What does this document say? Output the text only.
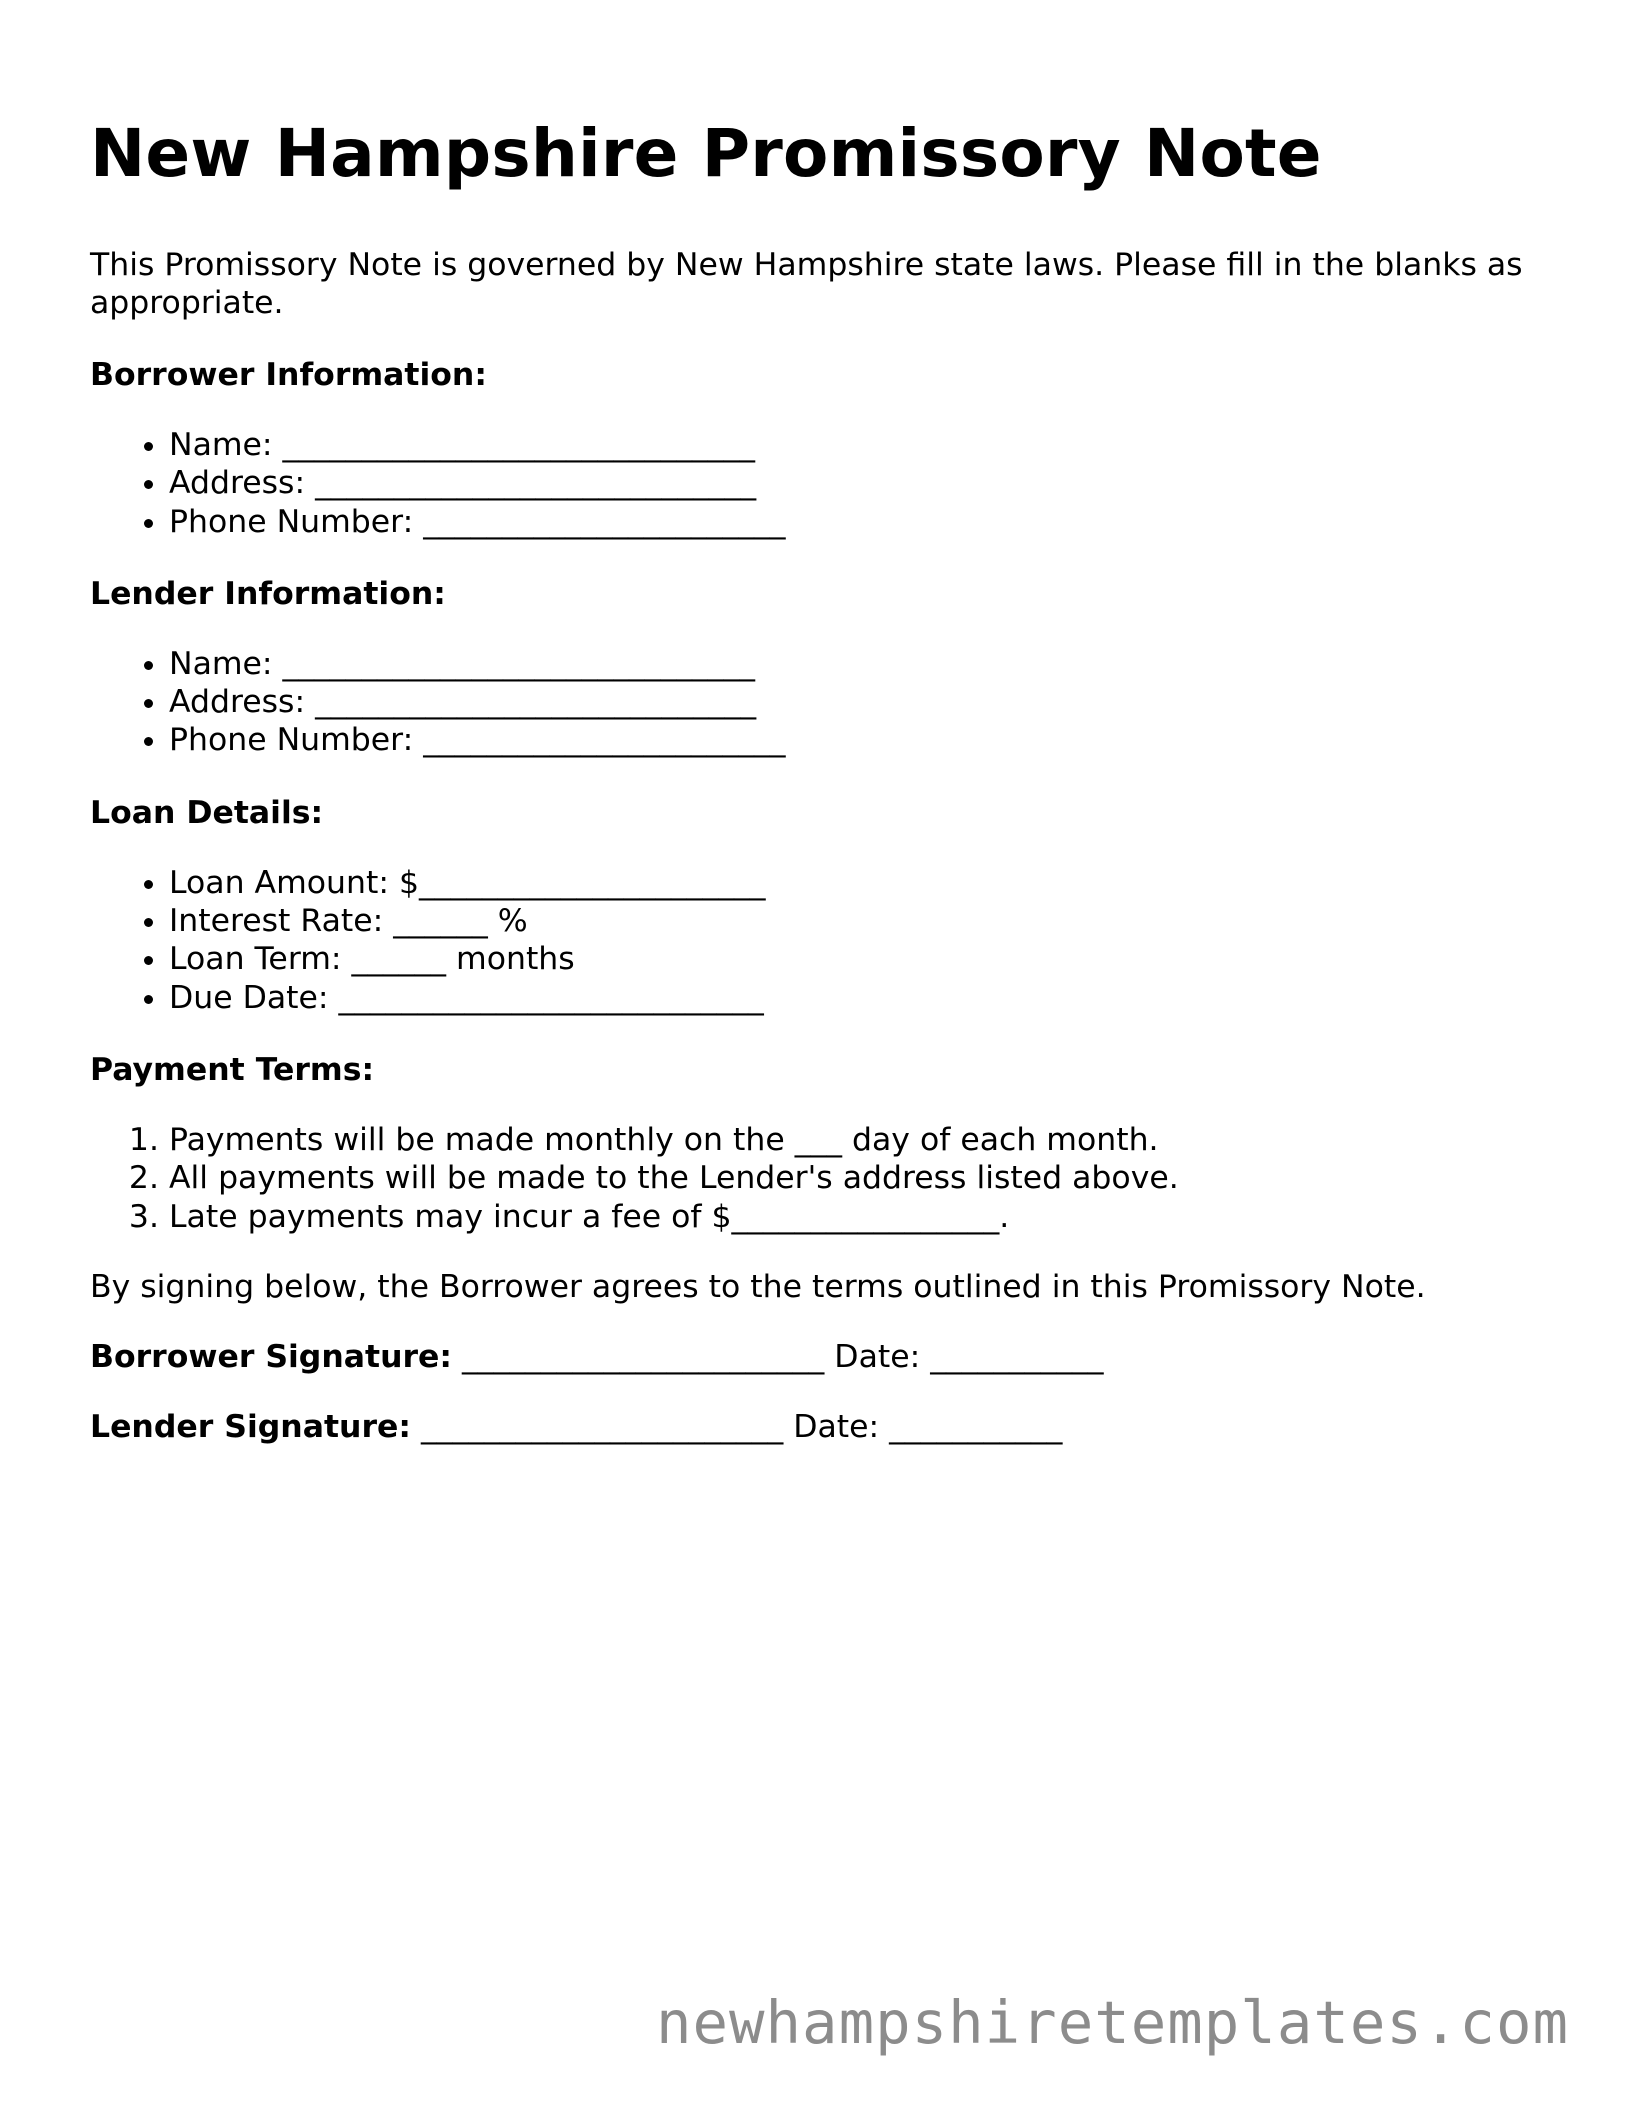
New Hampshire Promissory Note

This Promissory Note is governed by New Hampshire state laws. Please fill in the blanks as appropriate.

Borrower Information:

• Name: ______________________________
• Address: ____________________________
• Phone Number: _______________________

Lender Information:

• Name: ______________________________
• Address: ____________________________
• Phone Number: _______________________

Loan Details:

• Loan Amount: $______________________
• Interest Rate: ______ %
• Loan Term: ______ months
• Due Date: ___________________________

Payment Terms:

1. Payments will be made monthly on the ___ day of each month.
2. All payments will be made to the Lender's address listed above.
3. Late payments may incur a fee of $_________________.

By signing below, the Borrower agrees to the terms outlined in this Promissory Note.

Borrower Signature: _______________________ Date: ___________

Lender Signature: _______________________ Date: ___________

newhampshiretemplates.com
